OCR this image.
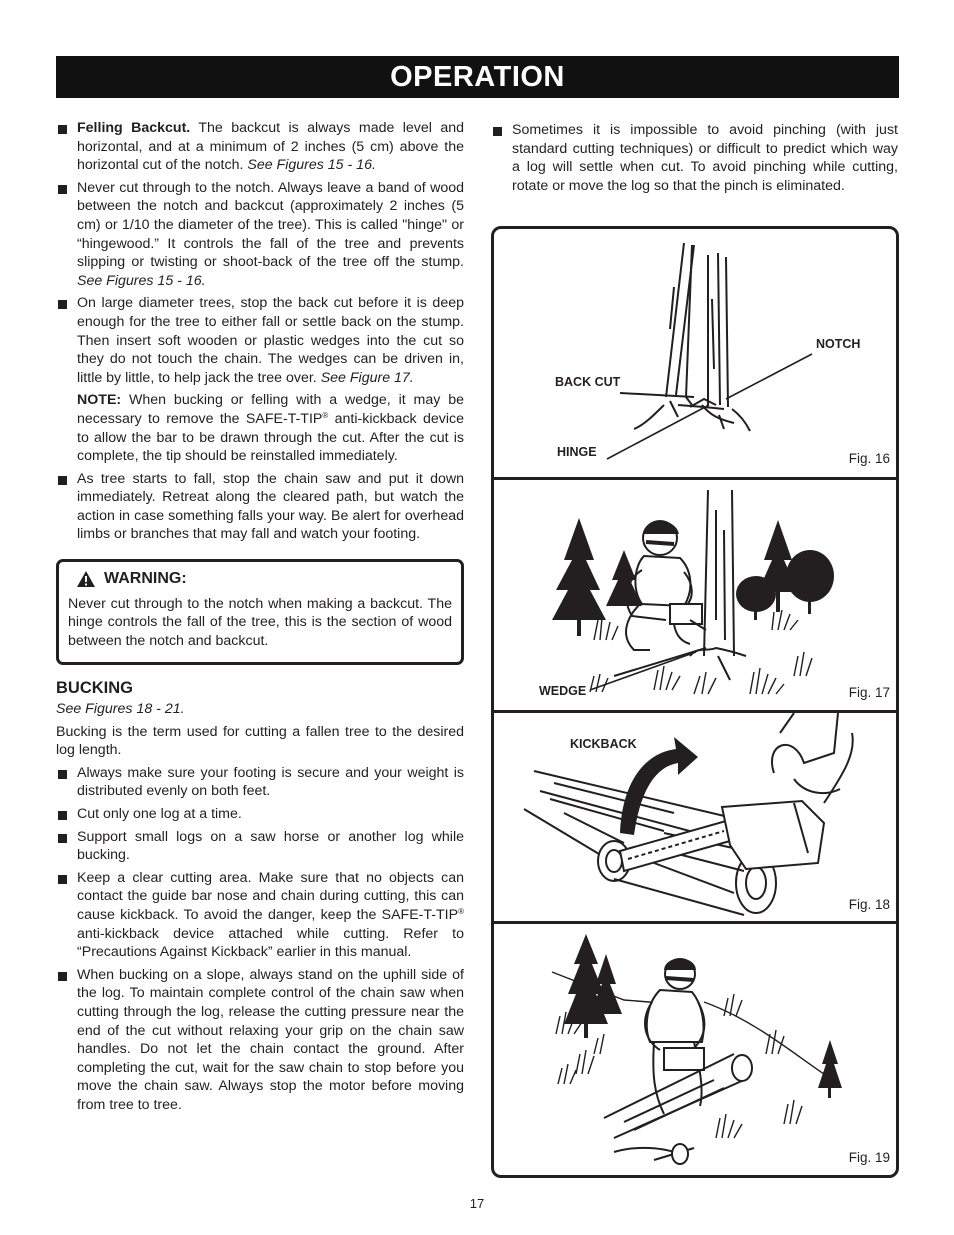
OPERATION
Felling Backcut. The backcut is always made level and horizontal, and at a minimum of 2 inches (5 cm) above the horizontal cut of the notch. See Figures 15 - 16.
Never cut through to the notch. Always leave a band of wood between the notch and backcut (approximately 2 inches (5 cm) or 1/10 the diameter of the tree). This is called "hinge" or “hingewood.” It controls the fall of the tree and prevents slipping or twisting or shoot-back of the tree off the stump. See Figures 15 - 16.
On large diameter trees, stop the back cut before it is deep enough for the tree to either fall or settle back on the stump. Then insert soft wooden or plastic wedges into the cut so they do not touch the chain. The wedges can be driven in, little by little, to help jack the tree over. See Figure 17.
NOTE: When bucking or felling with a wedge, it may be necessary to remove the SAFE-T-TIP® anti-kickback device to allow the bar to be drawn through the cut. After the cut is complete, the tip should be reinstalled immediately.
As tree starts to fall, stop the chain saw and put it down immediately. Retreat along the cleared path, but watch the action in case something falls your way. Be alert for overhead limbs or branches that may fall and watch your footing.
WARNING:
Never cut through to the notch when making a backcut. The hinge controls the fall of the tree, this is the section of wood between the notch and backcut.
BUCKING
See Figures 18 - 21.
Bucking is the term used for cutting a fallen tree to the desired log length.
Always make sure your footing is secure and your weight is distributed evenly on both feet.
Cut only one log at a time.
Support small logs on a saw horse or another log while bucking.
Keep a clear cutting area. Make sure that no objects can contact the guide bar nose and chain during cutting, this can cause kickback. To avoid the danger, keep the SAFE-T-TIP® anti-kickback device attached while cutting. Refer to “Precautions Against Kickback” earlier in this manual.
When bucking on a slope, always stand on the uphill side of the log. To maintain complete control of the chain saw when cutting through the log, release the cutting pressure near the end of the cut without relaxing your grip on the chain saw handles. Do not let the chain contact the ground. After completing the cut, wait for the saw chain to stop before you move the chain saw. Always stop the motor before moving from tree to tree.
Sometimes it is impossible to avoid pinching (with just standard cutting techniques) or difficult to predict which way a log will settle when cut. To avoid pinching while cutting, rotate or move the log so that the pinch is eliminated.
NOTCH
BACK CUT
HINGE	Fig. 16
WEDGE	Fig. 17
KICKBACK
Fig. 18
Fig. 19
17
